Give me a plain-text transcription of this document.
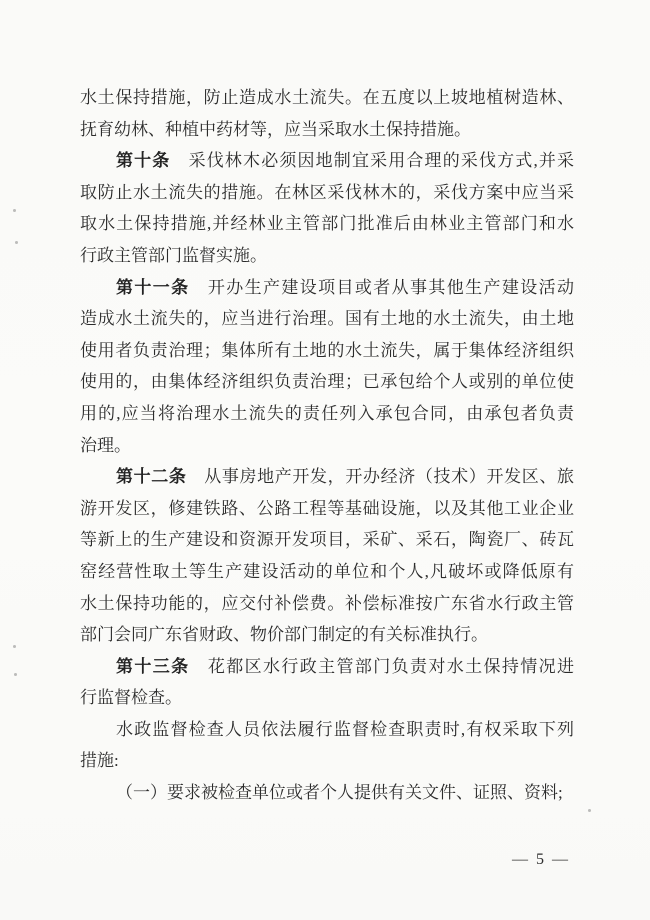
水土保持措施，防止造成水土流失。在五度以上坡地植树造林、
抚育幼林、种植中药材等，应当采取水土保持措施。
第十条　采伐林木必须因地制宜采用合理的采伐方式,并采
取防止水土流失的措施。在林区采伐林木的，采伐方案中应当采
取水土保持措施,并经林业主管部门批准后由林业主管部门和水
行政主管部门监督实施。
第十一条　开办生产建设项目或者从事其他生产建设活动
造成水土流失的，应当进行治理。国有土地的水土流失，由土地
使用者负责治理；集体所有土地的水土流失，属于集体经济组织
使用的，由集体经济组织负责治理；已承包给个人或别的单位使
用的,应当将治理水土流失的责任列入承包合同，由承包者负责
治理。
第十二条　从事房地产开发，开办经济（技术）开发区、旅
游开发区，修建铁路、公路工程等基础设施，以及其他工业企业
等新上的生产建设和资源开发项目，采矿、采石，陶瓷厂、砖瓦
窑经营性取土等生产建设活动的单位和个人,凡破坏或降低原有
水土保持功能的，应交付补偿费。补偿标准按广东省水行政主管
部门会同广东省财政、物价部门制定的有关标准执行。
第十三条　花都区水行政主管部门负责对水土保持情况进
行监督检查。
水政监督检查人员依法履行监督检查职责时,有权采取下列
措施:
（一）要求被检查单位或者个人提供有关文件、证照、资料;
— 5 —
